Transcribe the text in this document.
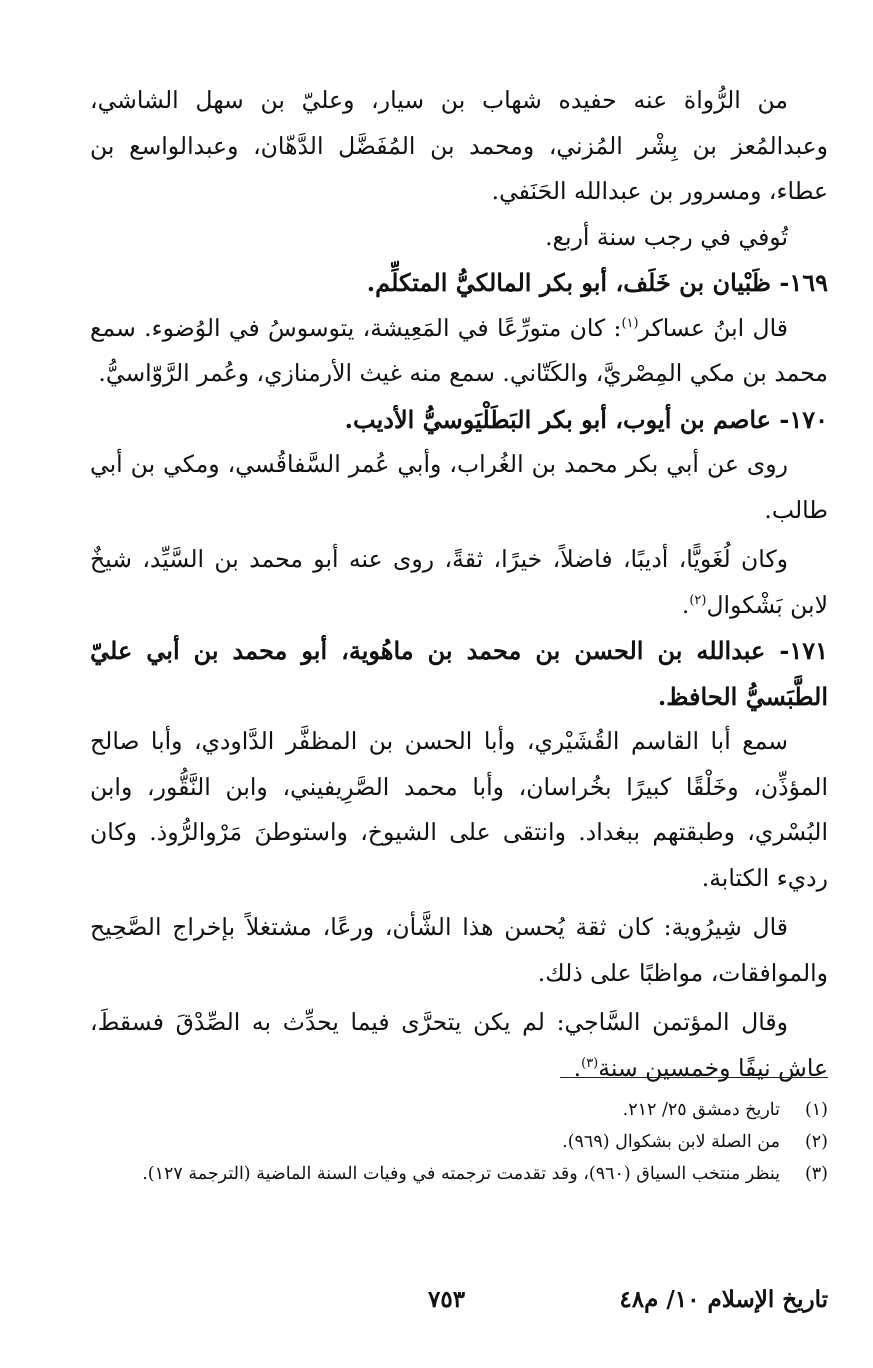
من الرُّواة عنه حفيده شهاب بن سيار، وعليّ بن سهل الشاشي، وعبدالمُعز بن بِشْر المُزني، ومحمد بن المُفَضَّل الدَّهّان، وعبدالواسع بن عطاء، ومسرور بن عبدالله الحَنَفي.

تُوفي في رجب سنة أربع.

١٦٩- ظَبْيان بن خَلَف، أبو بكر المالكيُّ المتكلِّم.

قال ابنُ عساكر$^{(١)}$: كان متورِّعًا في المَعِيشة، يتوسوسُ في الوُضوء. سمع محمد بن مكي المِصْريَّ، والكَتّاني. سمع منه غيث الأرمنازي، وعُمر الرَّوّاسيُّ.

١٧٠- عاصم بن أيوب، أبو بكر البَطَلْيَوسيُّ الأديب.

روى عن أبي بكر محمد بن الغُراب، وأبي عُمر السَّفاقُسي، ومكي بن أبي طالب.

وكان لُغَويًّا، أديبًا، فاضلاً، خيرًا، ثقةً، روى عنه أبو محمد بن السَّيِّد، شيخٌ لابن بَشْكوال$^{(٢)}$.

١٧١- عبدالله بن الحسن بن محمد بن ماهُوية، أبو محمد بن أبي عليّ الطَّبَسيُّ الحافظ.

سمع أبا القاسم القُشَيْري، وأبا الحسن بن المظفَّر الدَّاودي، وأبا صالح المؤذِّن، وخَلْقًا كبيرًا بخُراسان، وأبا محمد الصَّرِيفيني، وابن النَّقُّور، وابن البُسْري، وطبقتهم ببغداد. وانتقى على الشيوخ، واستوطنَ مَرْوالرُّوذ. وكان رديء الكتابة.

قال شِيرُوية: كان ثقة يُحسن هذا الشَّأن، ورعًا، مشتغلاً بإخراج الصَّحِيح والموافقات، مواظبًا على ذلك.

وقال المؤتمن السَّاجي: لم يكن يتحرَّى فيما يحدِّث به الصِّدْقَ فسقطَ، عاش نيفًا وخمسين سنة$^{(٣)}$.

(١)
تاريخ دمشق ٢٥/ ٢١٢.
(٢)
من الصلة لابن بشكوال (٩٦٩).
(٣)
ينظر منتخب السياق (٩٦٠)، وقد تقدمت ترجمته في وفيات السنة الماضية (الترجمة ١٢٧).
تاريخ الإسلام ١٠/ م٤٨
٧٥٣
